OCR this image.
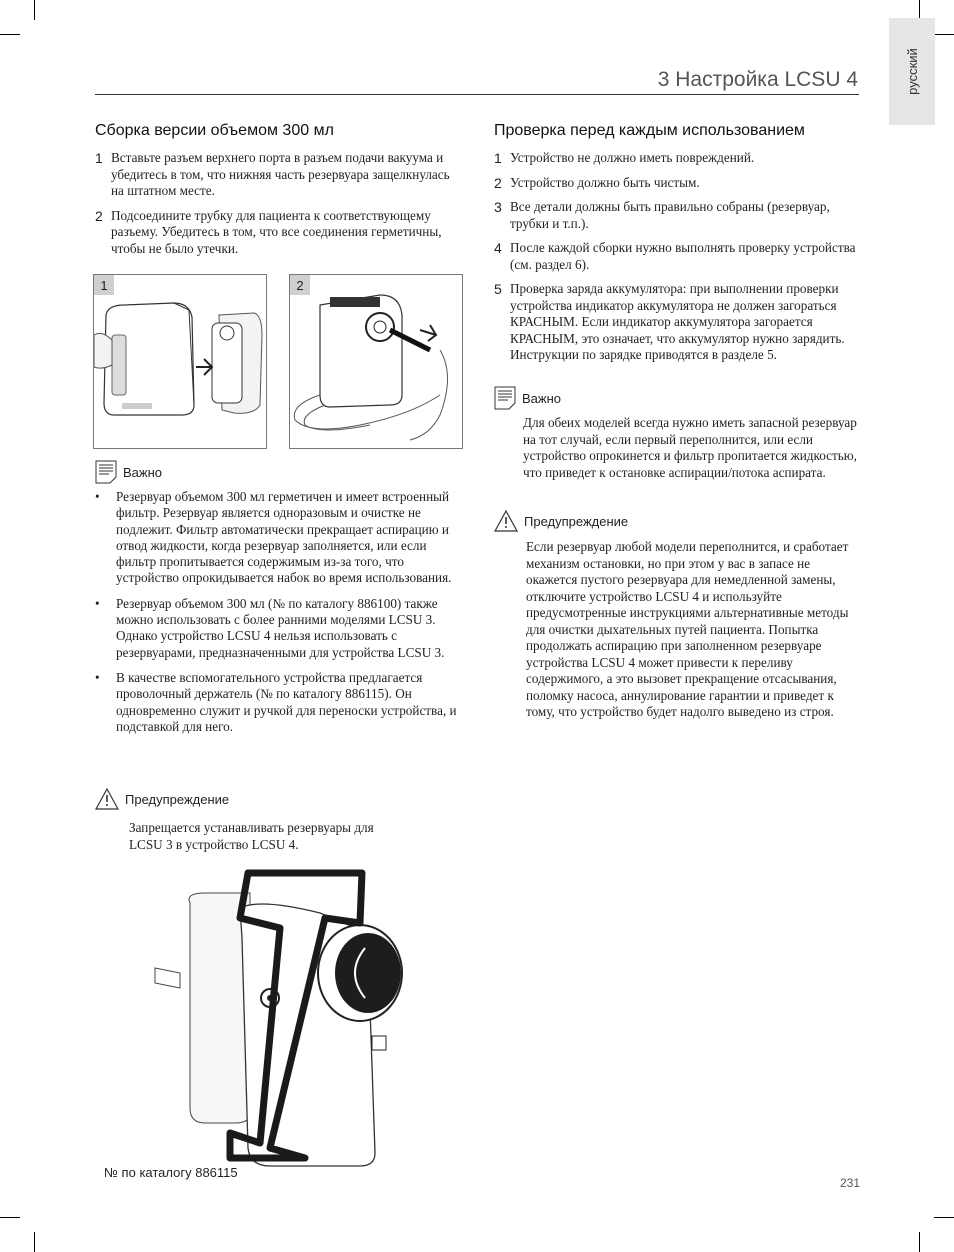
русский
3 Настройка LCSU 4
Сборка версии объемом 300 мл
1 Вставьте разъем верхнего порта в разъем подачи вакуума и убедитесь в том, что нижняя часть резервуара защелкнулась на штатном месте.
2 Подсоедините трубку для пациента к соответствующему разъему. Убедитесь в том, что все соединения герметичны, чтобы не было утечки.
1	2
Важно
• Резервуар объемом 300 мл герметичен и имеет встроенный фильтр. Резервуар является одноразовым и очистке не подлежит. Фильтр автоматически прекращает аспирацию и отвод жидкости, когда резервуар заполняется, или если фильтр пропитывается содержимым из-за того, что устройство опрокидывается набок во время использования.
• Резервуар объемом 300 мл (№ по каталогу 886100) также можно использовать с более ранними моделями LCSU 3. Однако устройство LCSU 4 нельзя использовать с резервуарами, предназначенными для устройства LCSU 3.
• В качестве вспомогательного устройства предлагается проволочный держатель (№ по каталогу 886115). Он одновременно служит и ручкой для переноски устройства, и подставкой для него.
Предупреждение
Запрещается устанавливать резервуары для LCSU 3 в устройство LCSU 4.
№ по каталогу 886115
Проверка перед каждым использованием
1 Устройство не должно иметь повреждений.
2 Устройство должно быть чистым.
3 Все детали должны быть правильно собраны (резервуар, трубки и т.п.).
4 После каждой сборки нужно выполнять проверку устройства (см. раздел 6).
5 Проверка заряда аккумулятора: при выполнении проверки устройства индикатор аккумулятора не должен загораться КРАСНЫМ. Если индикатор аккумулятора загорается КРАСНЫМ, это означает, что аккумулятор нужно зарядить. Инструкции по зарядке приводятся в разделе 5.
Важно
Для обеих моделей всегда нужно иметь запасной резервуар на тот случай, если первый переполнится, или если устройство опрокинется и фильтр пропитается жидкостью, что приведет к остановке аспирации/потока аспирата.
Предупреждение
Если резервуар любой модели переполнится, и сработает механизм остановки, но при этом у вас в запасе не окажется пустого резервуара для немедленной замены, отключите устройство LCSU 4 и используйте предусмотренные инструкциями альтернативные методы для очистки дыхательных путей пациента. Попытка продолжать аспирацию при заполненном резервуаре устройства LCSU 4 может привести к переливу содержимого, а это вызовет прекращение отсасывания, поломку насоса, аннулирование гарантии и приведет к тому, что устройство будет надолго выведено из строя.
231
